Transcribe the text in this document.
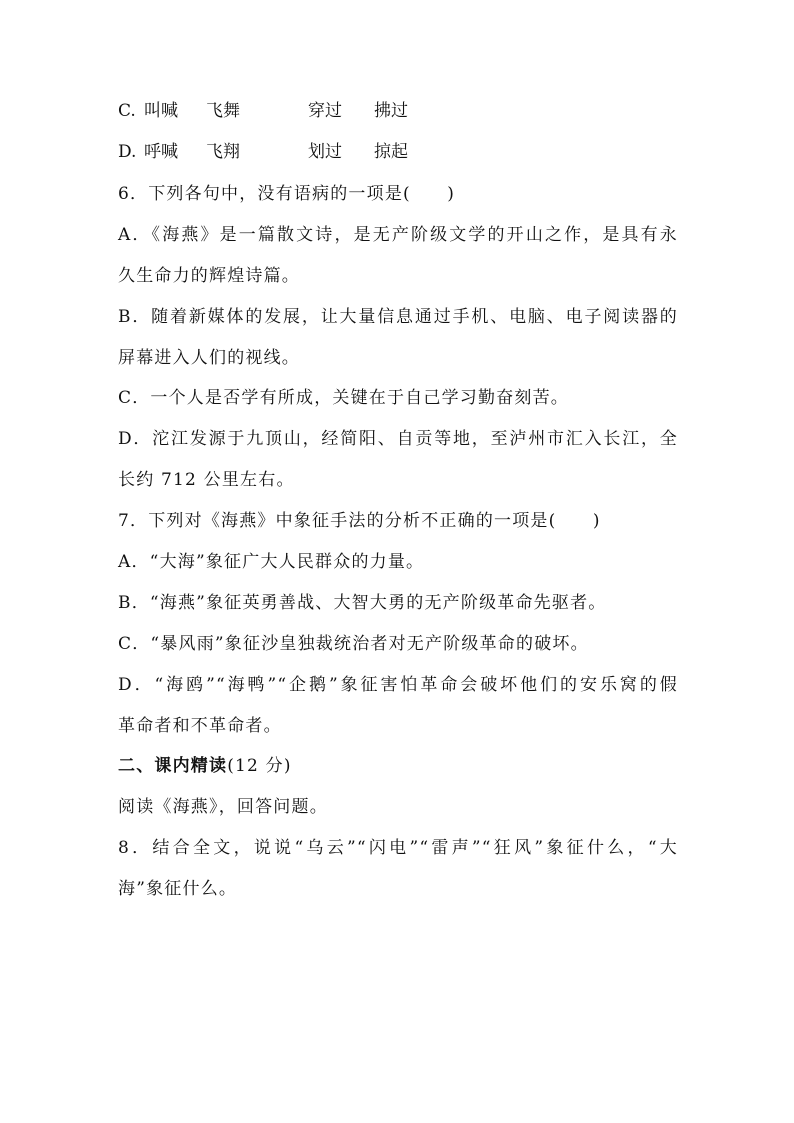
C. 叫喊 飞舞	穿过 拂过
D. 呼喊 飞翔	划过 掠起
6．下列各句中，没有语病的一项是(　　)
A．《海燕》是一篇散文诗，是无产阶级文学的开山之作，是具有永
久生命力的辉煌诗篇。
B．随着新媒体的发展，让大量信息通过手机、电脑、电子阅读器的
屏幕进入人们的视线。
C．一个人是否学有所成，关键在于自己学习勤奋刻苦。
D．沱江发源于九顶山，经简阳、自贡等地，至泸州市汇入长江，全
长约 712 公里左右。
7．下列对《海燕》中象征手法的分析不正确的一项是(　　)
A．“大海”象征广大人民群众的力量。
B．“海燕”象征英勇善战、大智大勇的无产阶级革命先驱者。
C．“暴风雨”象征沙皇独裁统治者对无产阶级革命的破坏。
D．“海鸥”“海鸭”“企鹅”象征害怕革命会破坏他们的安乐窝的假
革命者和不革命者。
二、课内精读(12 分)
阅读《海燕》，回答问题。
8．结合全文，说说“乌云”“闪电”“雷声”“狂风”象征什么，“大
海”象征什么。
